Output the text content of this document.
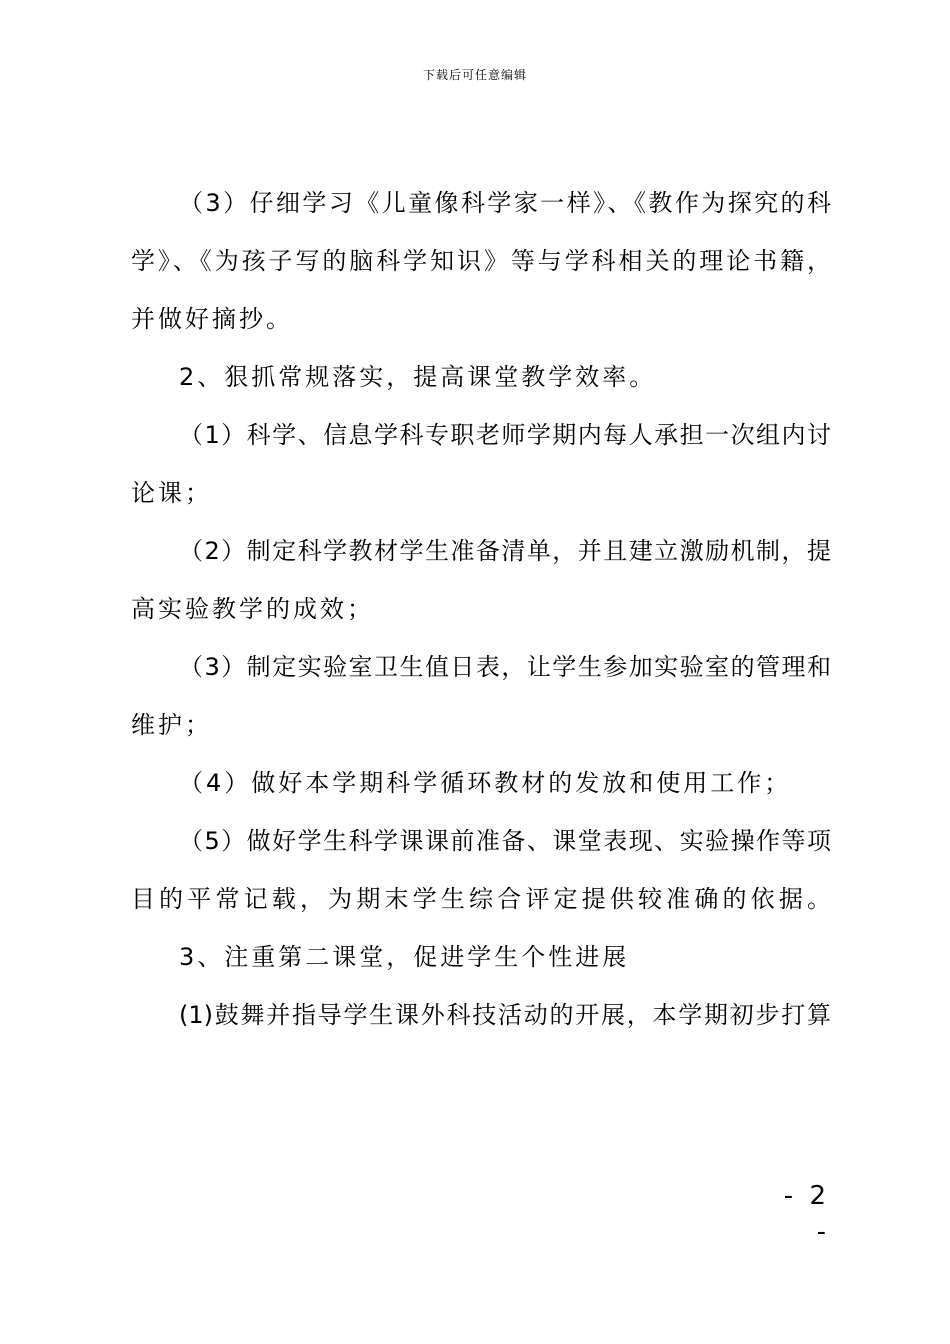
下载后可任意编辑
（3）仔细学习《儿童像科学家一样》、《教作为探究的科
学》、《为孩子写的脑科学知识》等与学科相关的理论书籍，
并做好摘抄。
2、狠抓常规落实，提高课堂教学效率。
（1）科学、信息学科专职老师学期内每人承担一次组内讨
论课；
（2）制定科学教材学生准备清单，并且建立激励机制，提
高实验教学的成效；
（3）制定实验室卫生值日表，让学生参加实验室的管理和
维护；
（4）做好本学期科学循环教材的发放和使用工作；
（5）做好学生科学课课前准备、课堂表现、实验操作等项
目的平常记载，为期末学生综合评定提供较准确的依据。
3、注重第二课堂，促进学生个性进展
(1)鼓舞并指导学生课外科技活动的开展，本学期初步打算
- 2 -
